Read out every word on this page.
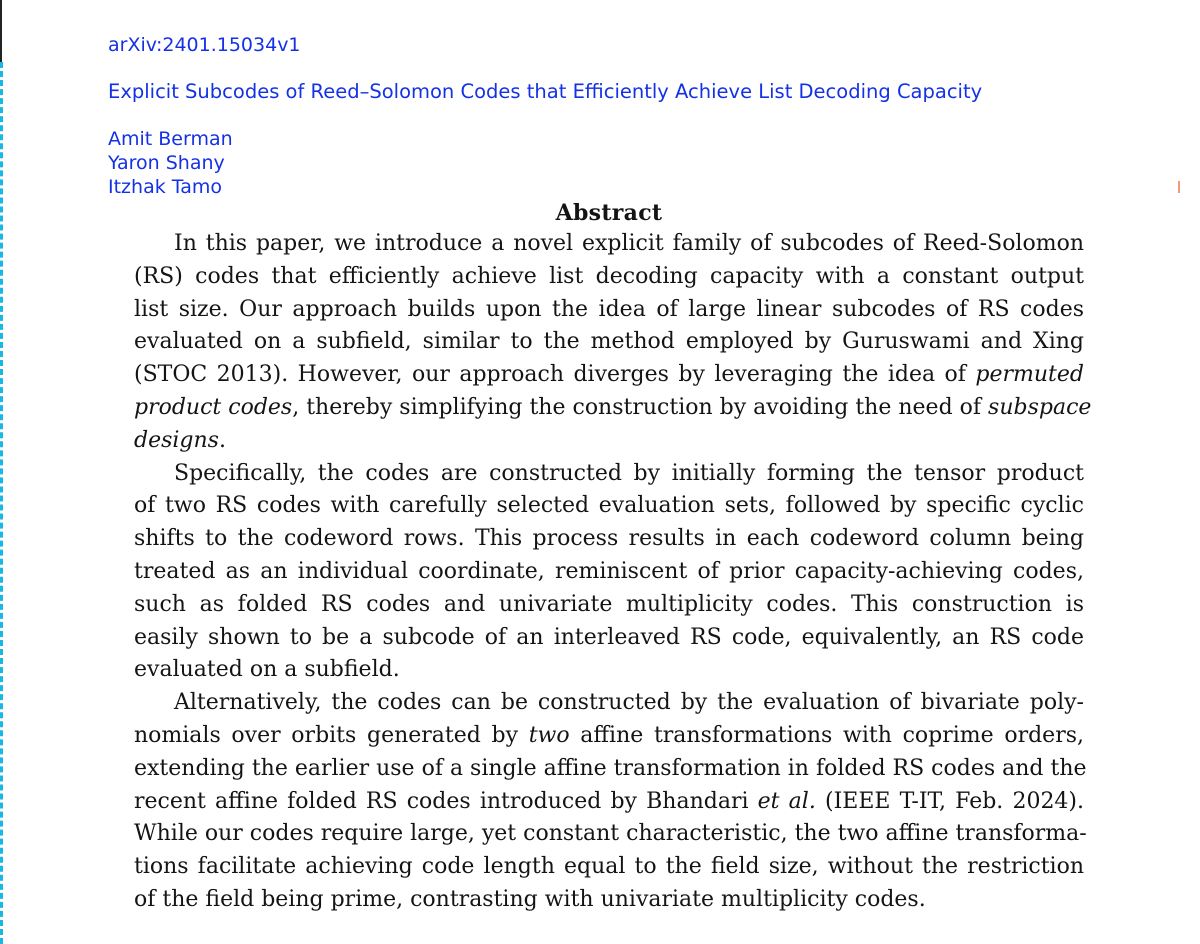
arXiv:2401.15034v1
Explicit Subcodes of Reed–Solomon Codes that Efficiently Achieve List Decoding Capacity
Amit Berman
Yaron Shany
Itzhak Tamo
Abstract

In this paper, we introduce a novel explicit family of subcodes of Reed-Solomon
(RS) codes that efficiently achieve list decoding capacity with a constant output
list size. Our approach builds upon the idea of large linear subcodes of RS codes
evaluated on a subfield, similar to the method employed by Guruswami and Xing
(STOC 2013). However, our approach diverges by leveraging the idea of permuted
product codes, thereby simplifying the construction by avoiding the need of subspace
designs.

Specifically, the codes are constructed by initially forming the tensor product
of two RS codes with carefully selected evaluation sets, followed by specific cyclic
shifts to the codeword rows. This process results in each codeword column being
treated as an individual coordinate, reminiscent of prior capacity-achieving codes,
such as folded RS codes and univariate multiplicity codes. This construction is
easily shown to be a subcode of an interleaved RS code, equivalently, an RS code
evaluated on a subfield.

Alternatively, the codes can be constructed by the evaluation of bivariate poly-
nomials over orbits generated by two affine transformations with coprime orders,
extending the earlier use of a single affine transformation in folded RS codes and the
recent affine folded RS codes introduced by Bhandari et al. (IEEE T-IT, Feb. 2024).
While our codes require large, yet constant characteristic, the two affine transforma-
tions facilitate achieving code length equal to the field size, without the restriction
of the field being prime, contrasting with univariate multiplicity codes.
